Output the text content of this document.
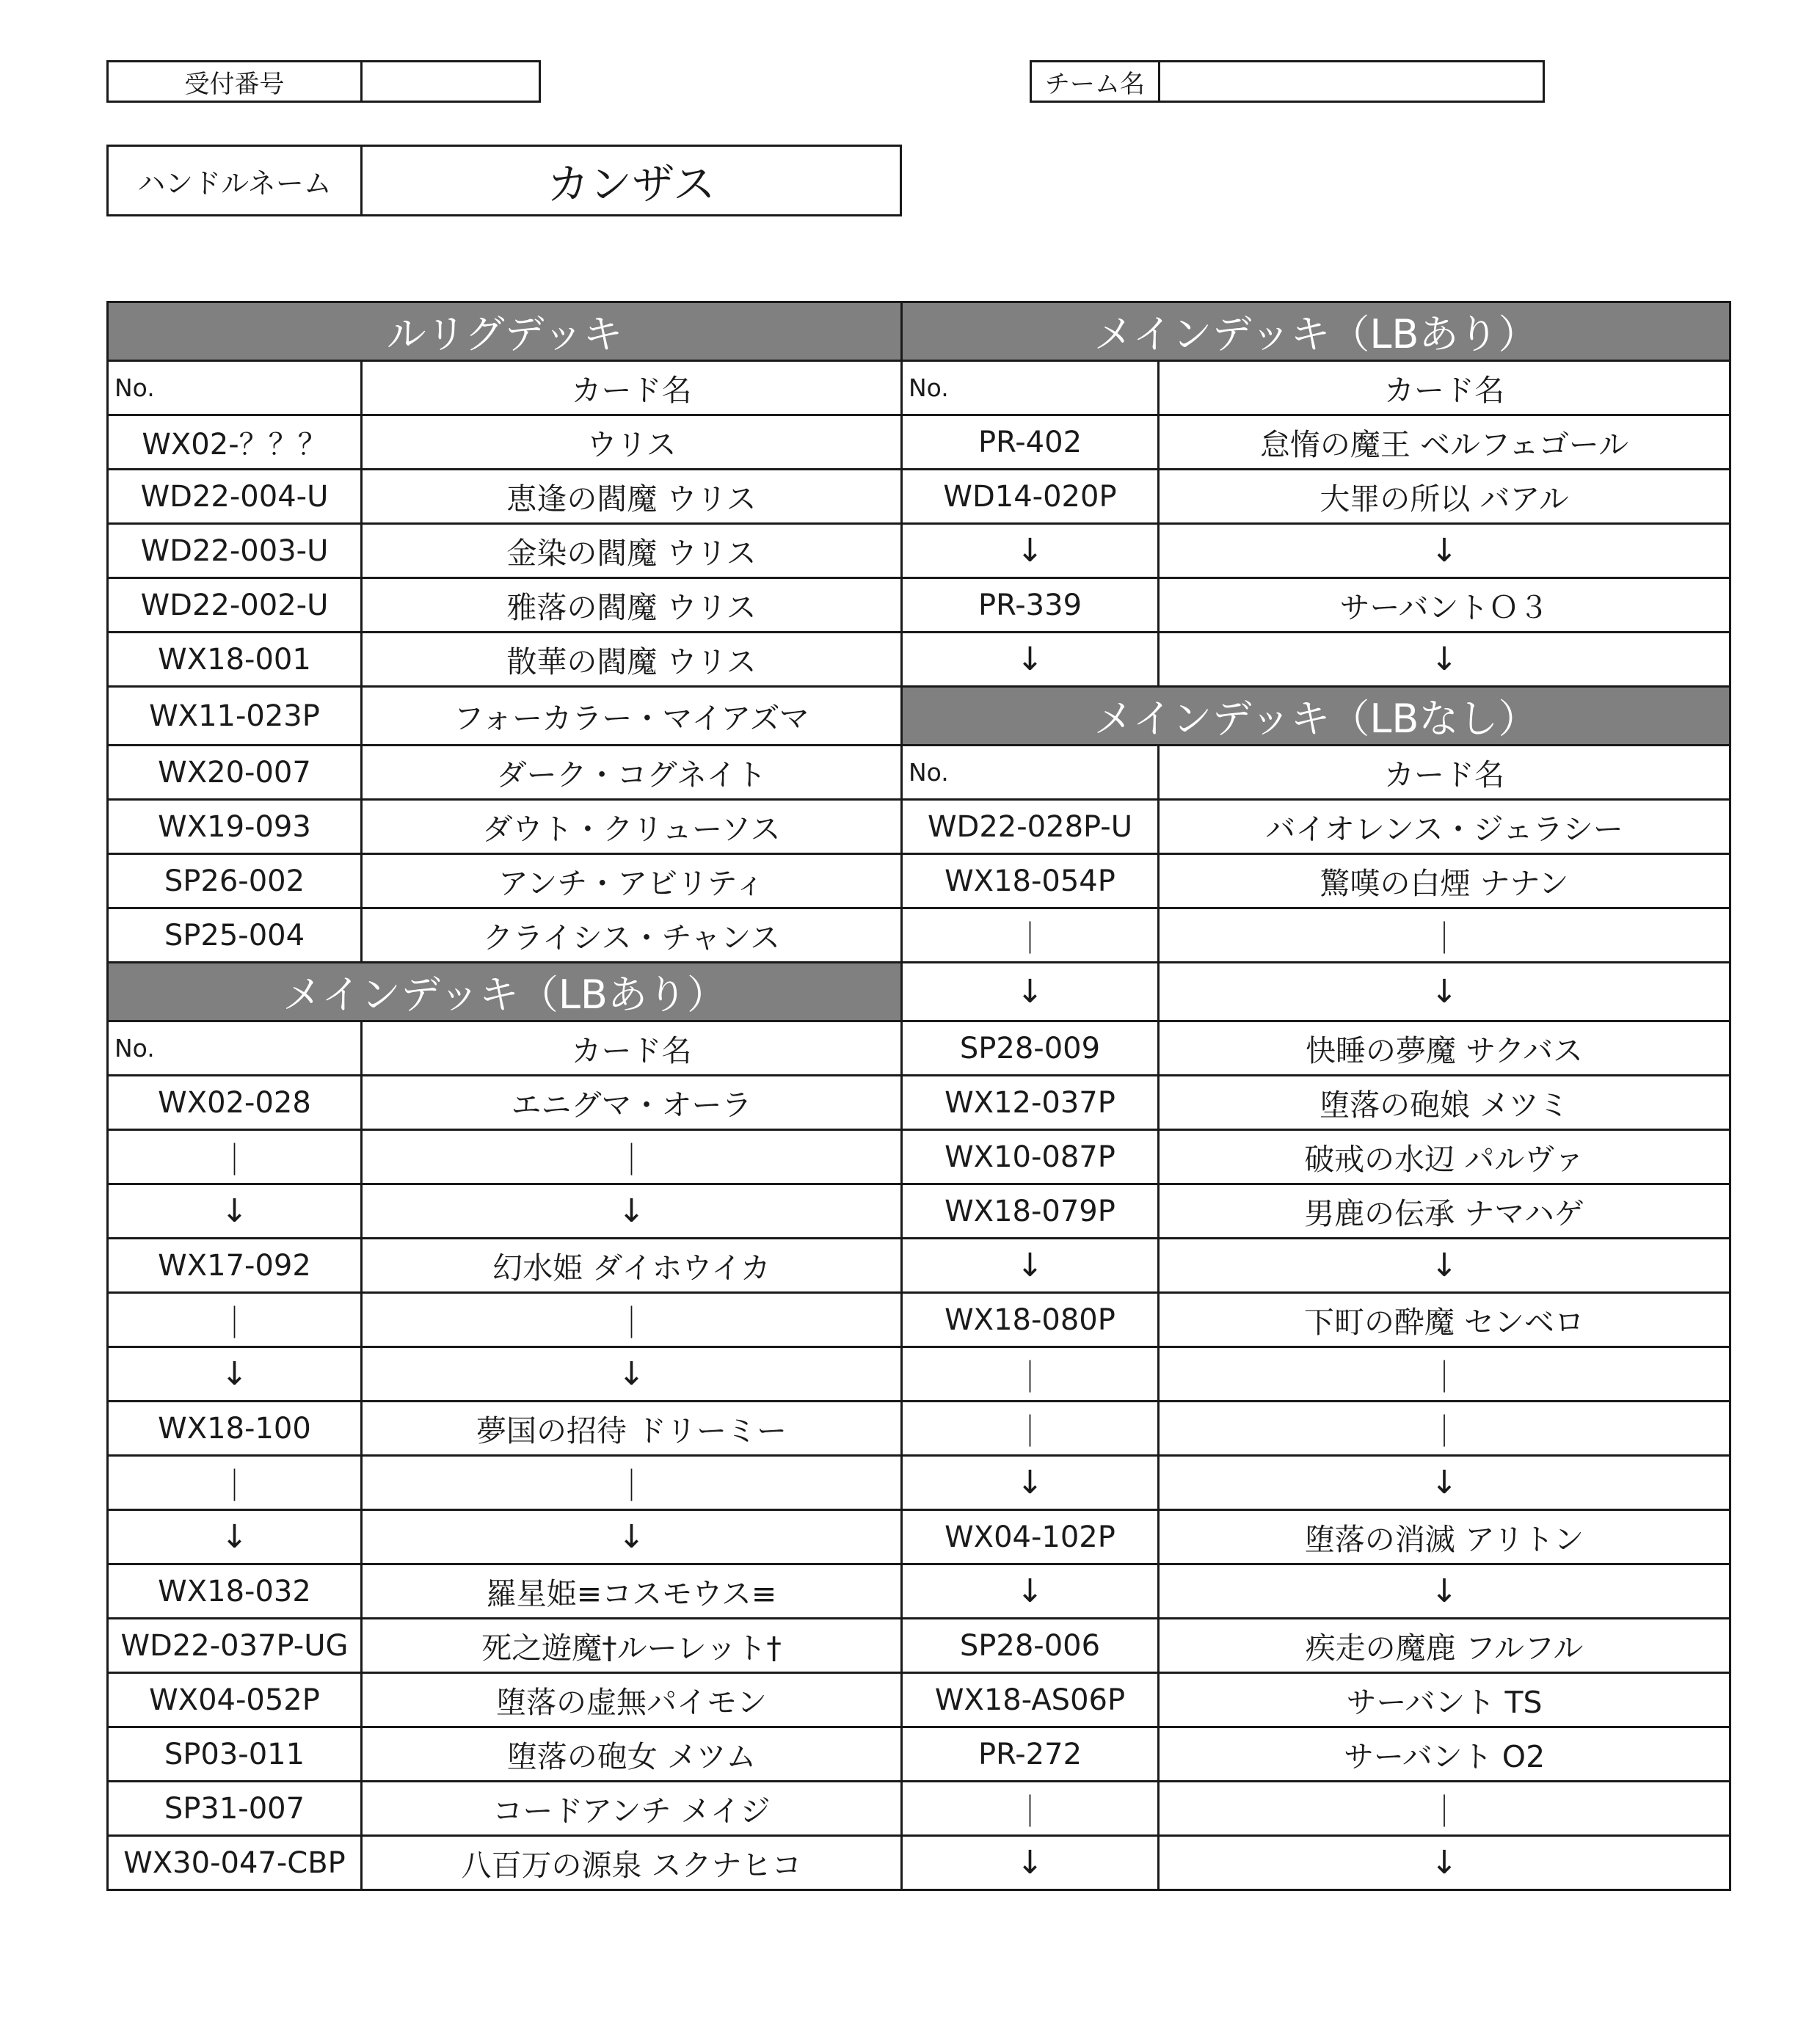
受付番号	チーム名
ハンドルネーム	カンザス
ルリグデッキ		メインデッキ（LBあり）	
No.	カード名	No.	カード名
WX02-？？？	ウリス	PR-402	怠惰の魔王 ベルフェゴール
WD22-004-U	恵逢の閻魔 ウリス	WD14-020P	大罪の所以 バアル
WD22-003-U	金染の閻魔 ウリス	↓	↓
WD22-002-U	雅落の閻魔 ウリス	PR-339	サーバントＯ３
WX18-001	散華の閻魔 ウリス	↓	↓
WX11-023P	フォーカラー・マイアズマ	メインデッキ（LBなし）	
WX20-007	ダーク・コグネイト	No.	カード名
WX19-093	ダウト・クリューソス	WD22-028P-U	バイオレンス・ジェラシー
SP26-002	アンチ・アビリティ	WX18-054P	驚嘆の白煙 ナナン
SP25-004	クライシス・チャンス	｜	｜
メインデッキ（LBあり）		↓	↓
No.	カード名	SP28-009	快睡の夢魔 サクバス
WX02-028	エニグマ・オーラ	WX12-037P	堕落の砲娘 メツミ
｜	｜	WX10-087P	破戒の水辺 パルヴァ
↓	↓	WX18-079P	男鹿の伝承 ナマハゲ
WX17-092	幻水姫 ダイホウイカ	↓	↓
｜	｜	WX18-080P	下町の酔魔 センベロ
↓	↓	｜	｜
WX18-100	夢国の招待 ドリーミー	｜	｜
｜	｜	↓	↓
↓	↓	WX04-102P	堕落の消滅 アリトン
WX18-032	羅星姫≡コスモウス≡	↓	↓
WD22-037P-UG	死之遊魔†ルーレット†	SP28-006	疾走の魔鹿 フルフル
WX04-052P	堕落の虚無パイモン	WX18-AS06P	サーバント TS
SP03-011	堕落の砲女 メツム	PR-272	サーバント O2
SP31-007	コードアンチ メイジ	｜	｜
WX30-047-CBP	八百万の源泉 スクナヒコ	↓	↓
